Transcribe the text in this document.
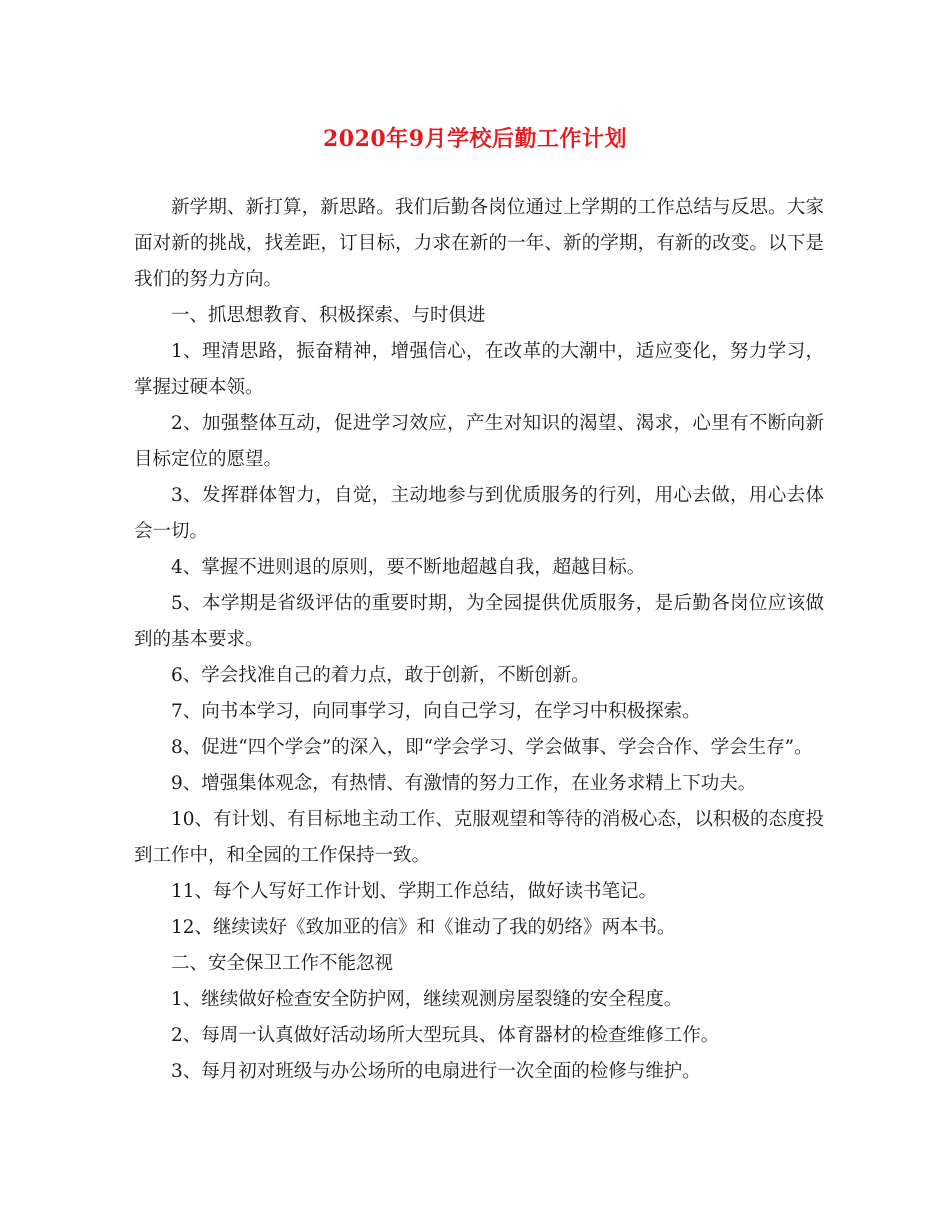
2020年9月学校后勤工作计划

新学期、新打算，新思路。我们后勤各岗位通过上学期的工作总结与反思。大家面对新的挑战，找差距，订目标，力求在新的一年、新的学期，有新的改变。以下是我们的努力方向。

一、抓思想教育、积极探索、与时俱进

1、理清思路，振奋精神，增强信心，在改革的大潮中，适应变化，努力学习，掌握过硬本领。

2、加强整体互动，促进学习效应，产生对知识的渴望、渴求，心里有不断向新目标定位的愿望。

3、发挥群体智力，自觉，主动地参与到优质服务的行列，用心去做，用心去体会一切。

4、掌握不进则退的原则，要不断地超越自我，超越目标。

5、本学期是省级评估的重要时期，为全园提供优质服务，是后勤各岗位应该做到的基本要求。

6、学会找准自己的着力点，敢于创新，不断创新。

7、向书本学习，向同事学习，向自己学习，在学习中积极探索。

8、促进“四个学会”的深入，即“学会学习、学会做事、学会合作、学会生存”。

9、增强集体观念，有热情、有激情的努力工作，在业务求精上下功夫。

10、有计划、有目标地主动工作、克服观望和等待的消极心态，以积极的态度投到工作中，和全园的工作保持一致。

11、每个人写好工作计划、学期工作总结，做好读书笔记。

12、继续读好《致加亚的信》和《谁动了我的奶络》两本书。

二、安全保卫工作不能忽视

1、继续做好检查安全防护网，继续观测房屋裂缝的安全程度。

2、每周一认真做好活动场所大型玩具、体育器材的检查维修工作。

3、每月初对班级与办公场所的电扇进行一次全面的检修与维护。
